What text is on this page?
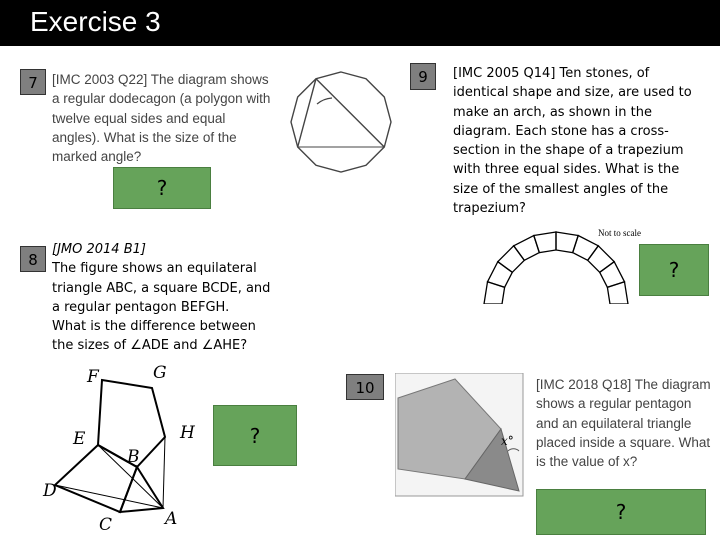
Exercise 3
7	[IMC 2003 Q22] The diagram shows a regular dodecagon (a polygon with twelve equal sides and equal angles). What is the size of the marked angle?
?
8
[JMO 2014 B1]
The figure shows an equilateral
triangle ABC, a square BCDE, and
a regular pentagon BEFGH.
What is the difference between
the sizes of ∠ADE and ∠AHE?
F	G
E	H
B
D
C	A
?
9	[IMC 2005 Q14] Ten stones, of identical shape and size, are used to make an arch, as shown in the diagram. Each stone has a cross-section in the shape of a trapezium with three equal sides. What is the size of the smallest angles of the trapezium?
Not to scale
?
10
x°
[IMC 2018 Q18] The diagram shows a regular pentagon and an equilateral triangle placed inside a square. What is the value of x?
?
